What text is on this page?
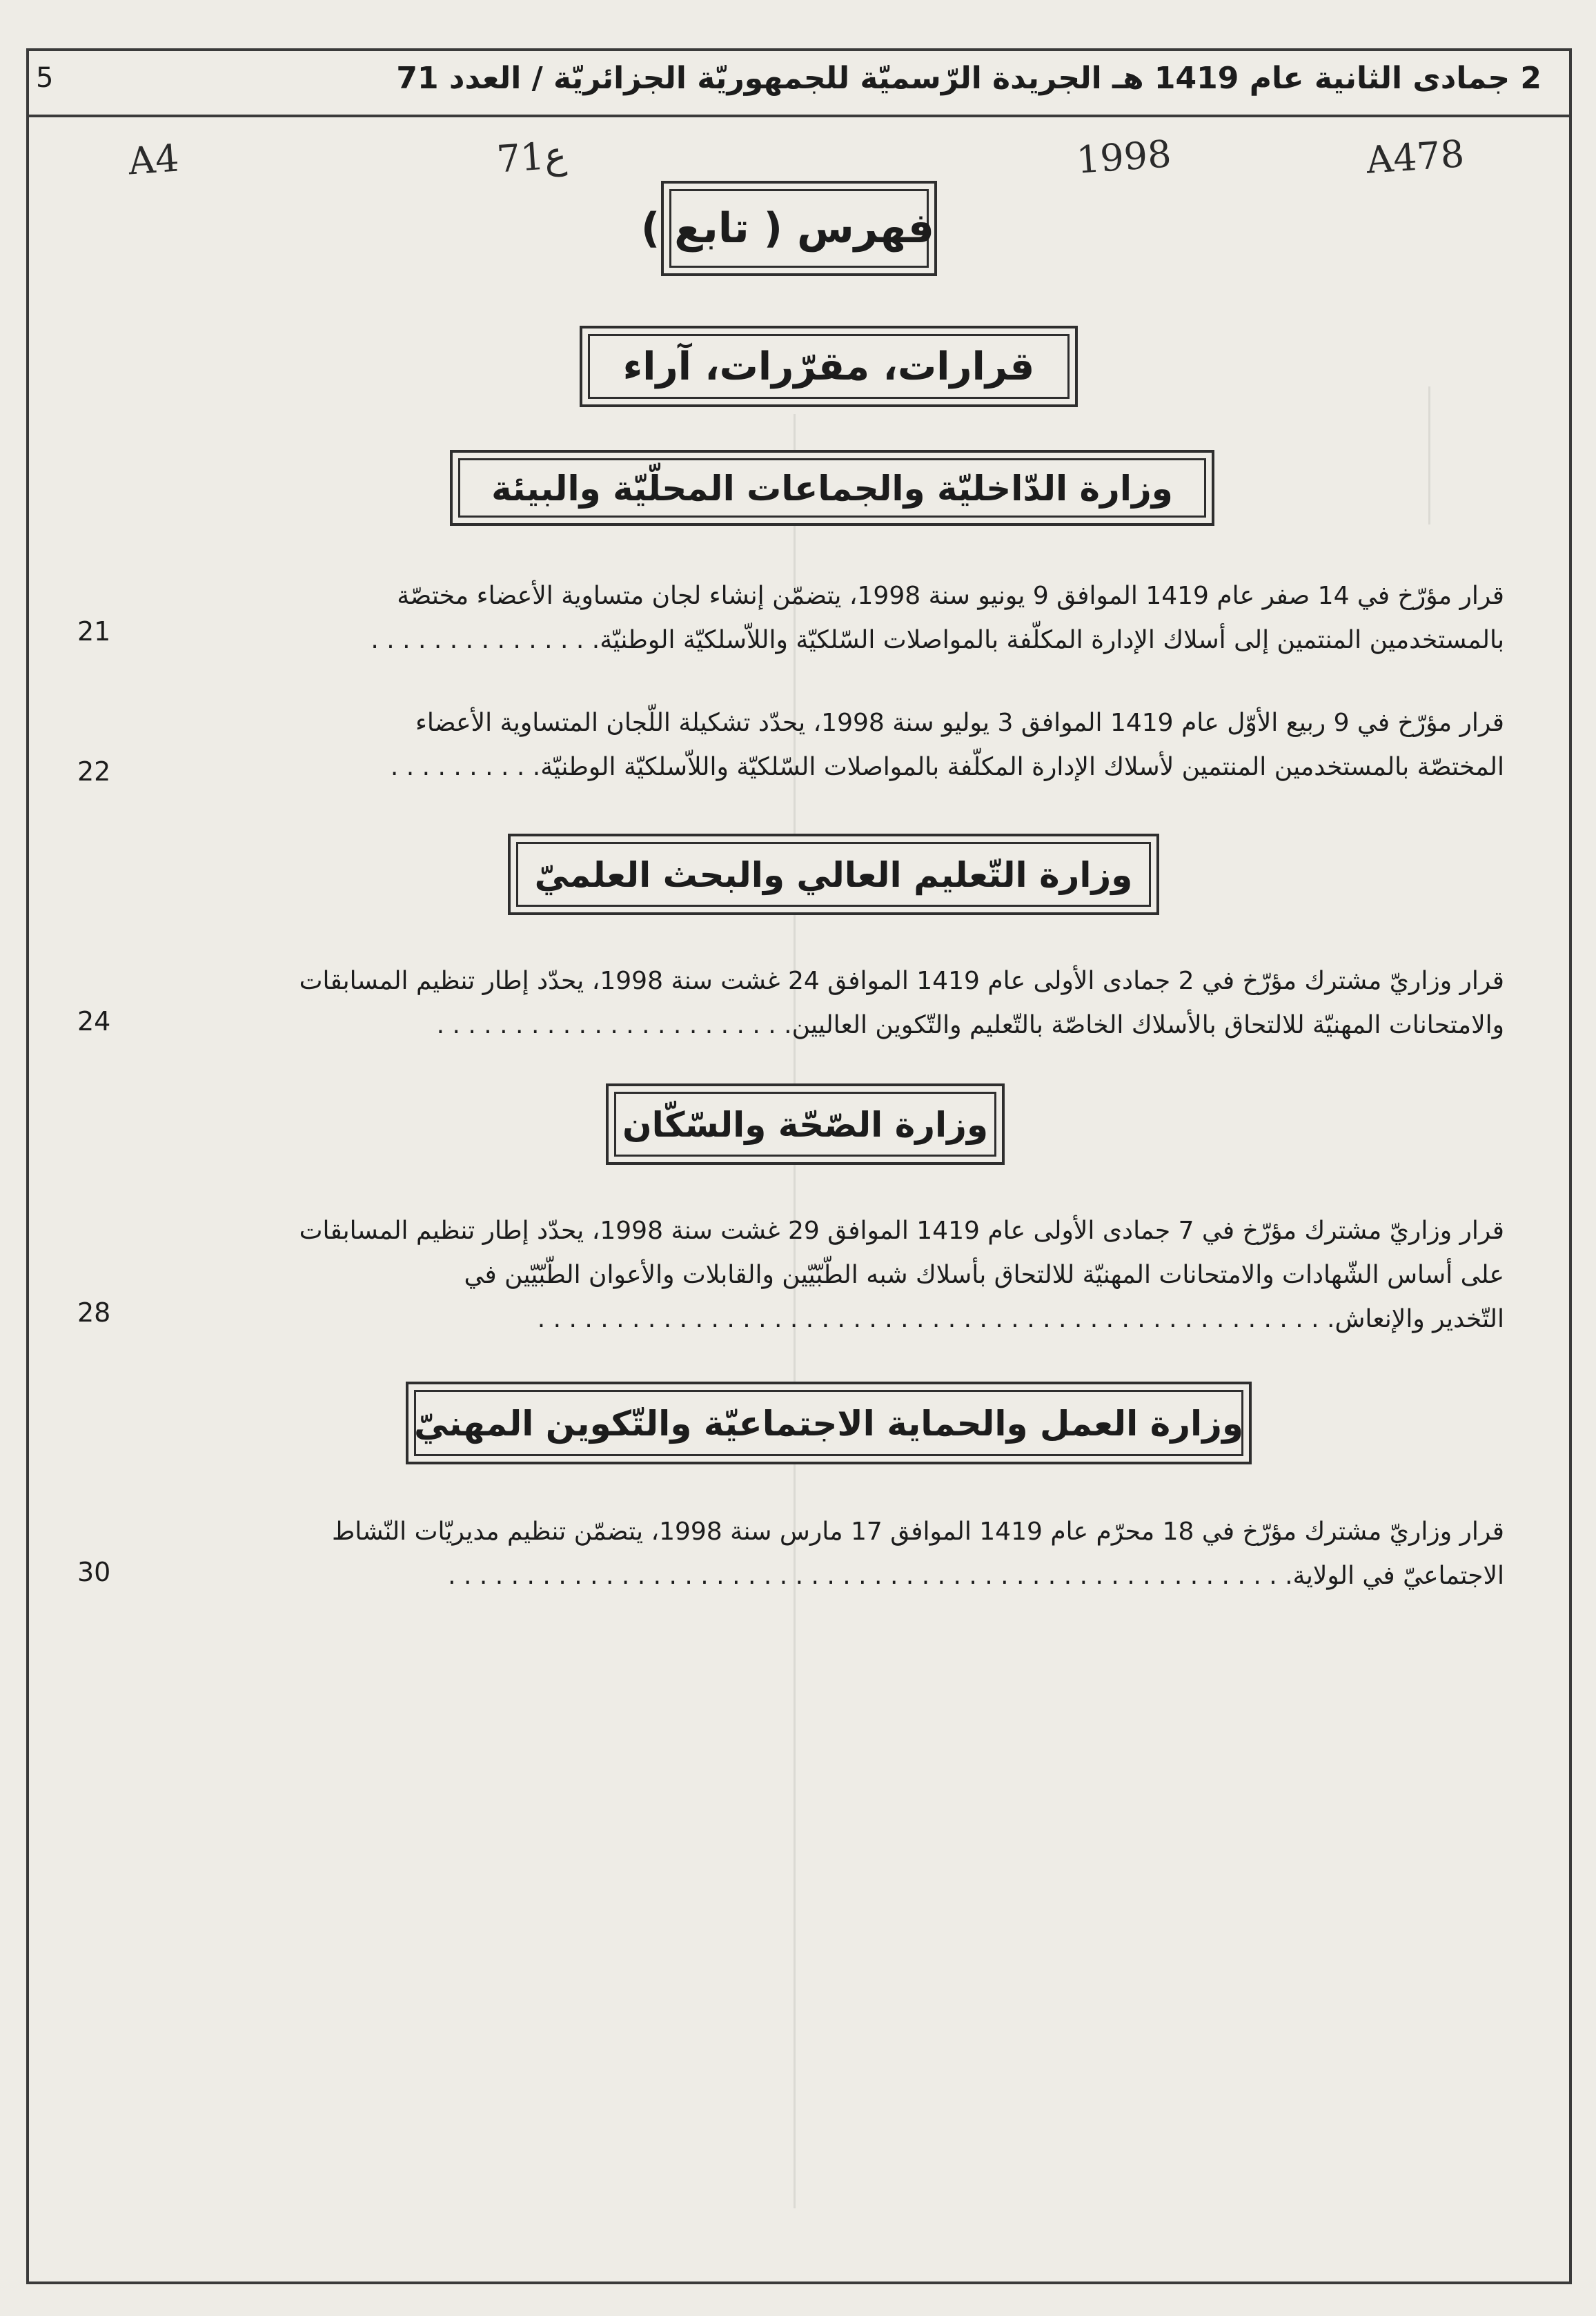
2 جمادى الثانية عام 1419 هـ الجريدة الرّسميّة للجمهوريّة الجزائريّة / العدد 71
5
A478
1998
71ع
A4
فهرس ( تابع )
قرارات، مقرّرات، آراء
وزارة الدّاخليّة والجماعات المحلّيّة والبيئة
قرار مؤرّخ في 14 صفر عام 1419 الموافق 9 يونيو سنة 1998، يتضمّن إنشاء لجان متساوية الأعضاء مختصّة
بالمستخدمين المنتمين إلى أسلاك الإدارة المكلّفة بالمواصلات السّلكيّة واللاّسلكيّة الوطنيّة. . . . . . . . . . . . . . .
21
قرار مؤرّخ في 9 ربيع الأوّل عام 1419 الموافق 3 يوليو سنة 1998، يحدّد تشكيلة اللّجان المتساوية الأعضاء
المختصّة بالمستخدمين المنتمين لأسلاك الإدارة المكلّفة بالمواصلات السّلكيّة واللاّسلكيّة الوطنيّة. . . . . . . . . .
22
وزارة التّعليم العالي والبحث العلميّ
قرار وزاريّ مشترك مؤرّخ في 2 جمادى الأولى عام 1419 الموافق 24 غشت سنة 1998، يحدّد إطار تنظيم المسابقات
والامتحانات المهنيّة للالتحاق بالأسلاك الخاصّة بالتّعليم والتّكوين العاليين. . . . . . . . . . . . . . . . . . . . . . .
24
وزارة الصّحّة والسّكّان
قرار وزاريّ مشترك مؤرّخ في 7 جمادى الأولى عام 1419 الموافق 29 غشت سنة 1998، يحدّد إطار تنظيم المسابقات
على أساس الشّهادات والامتحانات المهنيّة للالتحاق بأسلاك شبه الطّبّيّين والقابلات والأعوان الطّبّيّين في
التّخدير والإنعاش. . . . . . . . . . . . . . . . . . . . . . . . . . . . . . . . . . . . . . . . . . . . . . . . . . .
28
وزارة العمل والحماية الاجتماعيّة والتّكوين المهنيّ
قرار وزاريّ مشترك مؤرّخ في 18 محرّم عام 1419 الموافق 17 مارس سنة 1998، يتضمّن تنظيم مديريّات النّشاط
الاجتماعيّ في الولاية. . . . . . . . . . . . . . . . . . . . . . . . . . . . . . . . . . . . . . . . . . . . . . . . . . . . . .
30
